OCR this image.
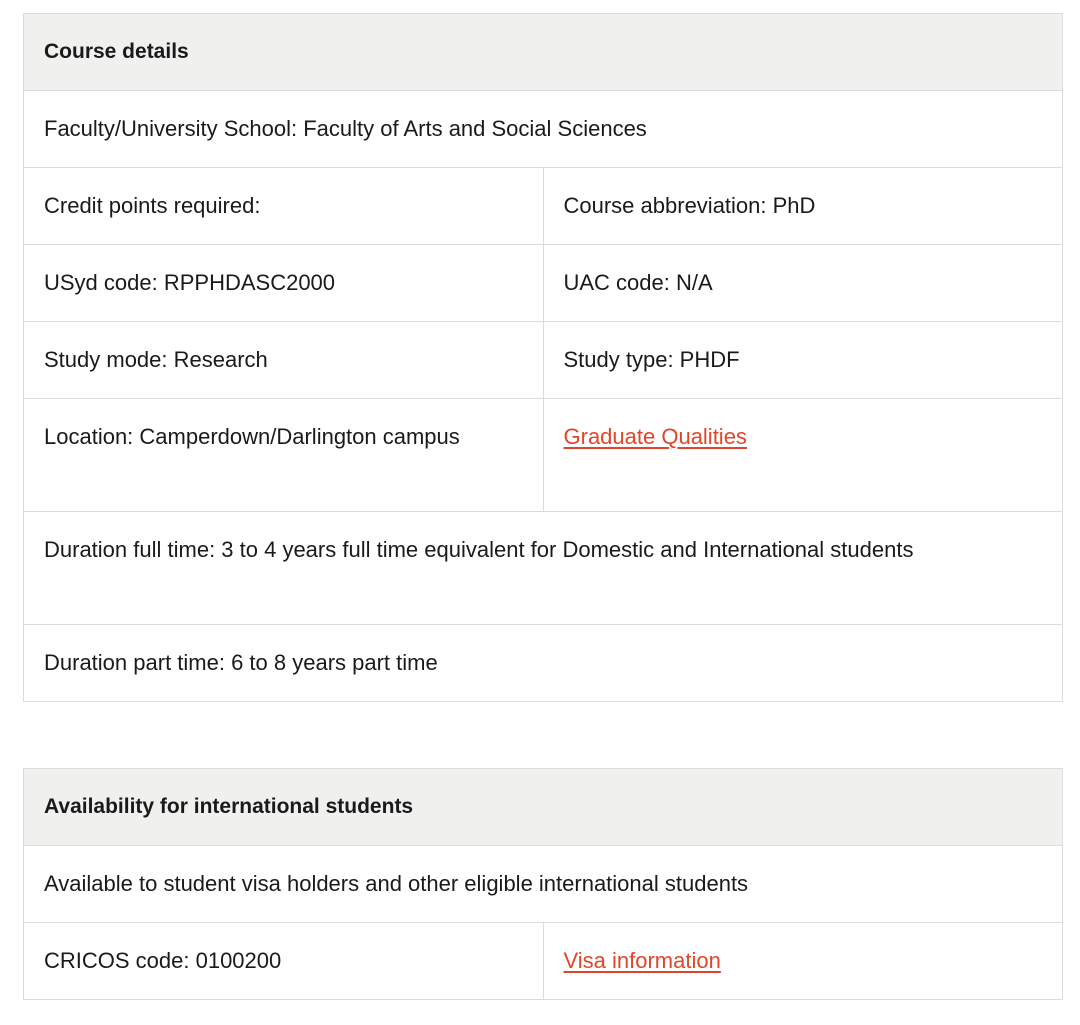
Course details	
Faculty/University School: Faculty of Arts and Social Sciences	
Credit points required:	Course abbreviation: PhD
USyd code: RPPHDASC2000	UAC code: N/A
Study mode: Research	Study type: PHDF
Location: Camperdown/Darlington campus	Graduate Qualities
Duration full time: 3 to 4 years full time equivalent for Domestic and International students	
Duration part time: 6 to 8 years part time	
Availability for international students
Available to student visa holders and other eligible international students
CRICOS code: 0100200	Visa information
